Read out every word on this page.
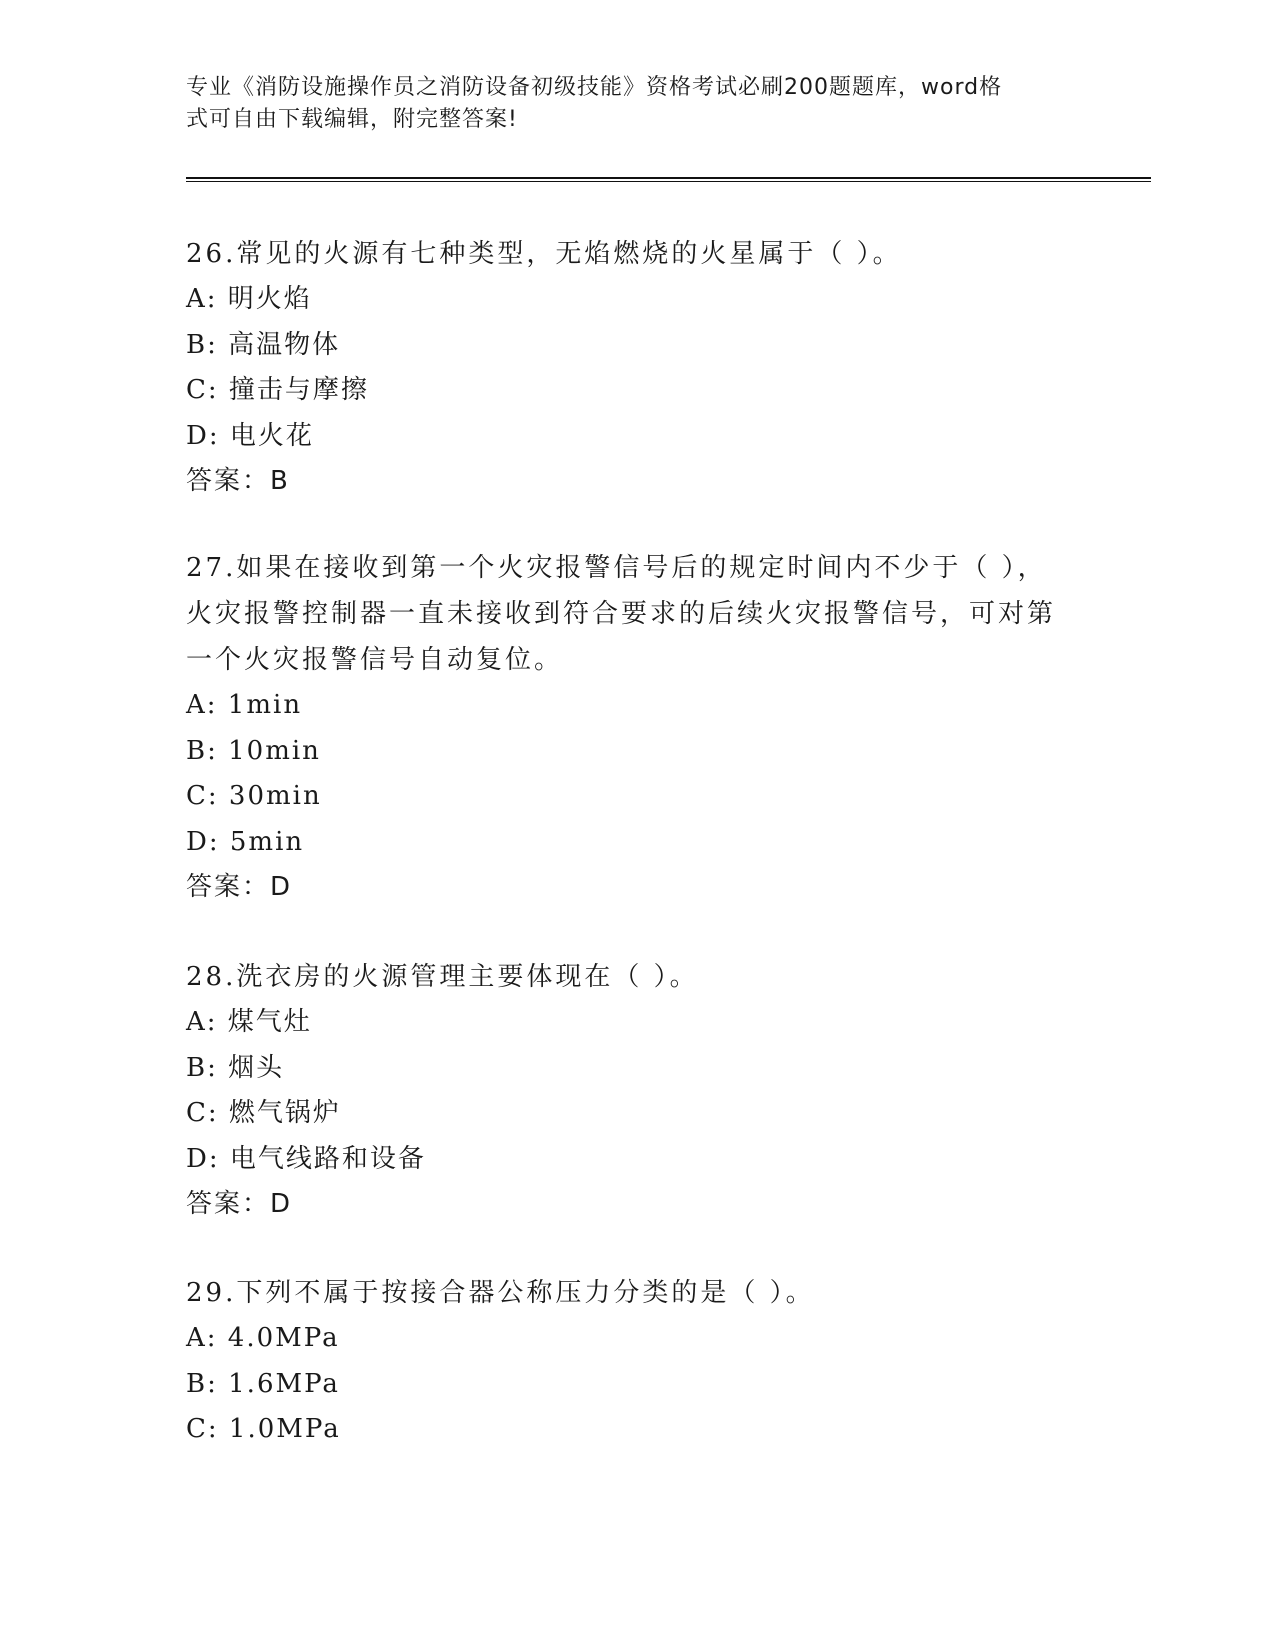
专业《消防设施操作员之消防设备初级技能》资格考试必刷200题题库，word格
式可自由下载编辑，附完整答案!
26.常见的火源有七种类型，无焰燃烧的火星属于（ ）。
A: 明火焰
B: 高温物体
C: 撞击与摩擦
D: 电火花
答案：B
27.如果在接收到第一个火灾报警信号后的规定时间内不少于（ ），
火灾报警控制器一直未接收到符合要求的后续火灾报警信号，可对第
一个火灾报警信号自动复位。
A: 1min
B: 10min
C: 30min
D: 5min
答案：D
28.洗衣房的火源管理主要体现在（ ）。
A: 煤气灶
B: 烟头
C: 燃气锅炉
D: 电气线路和设备
答案：D
29.下列不属于按接合器公称压力分类的是（ ）。
A: 4.0MPa
B: 1.6MPa
C: 1.0MPa
